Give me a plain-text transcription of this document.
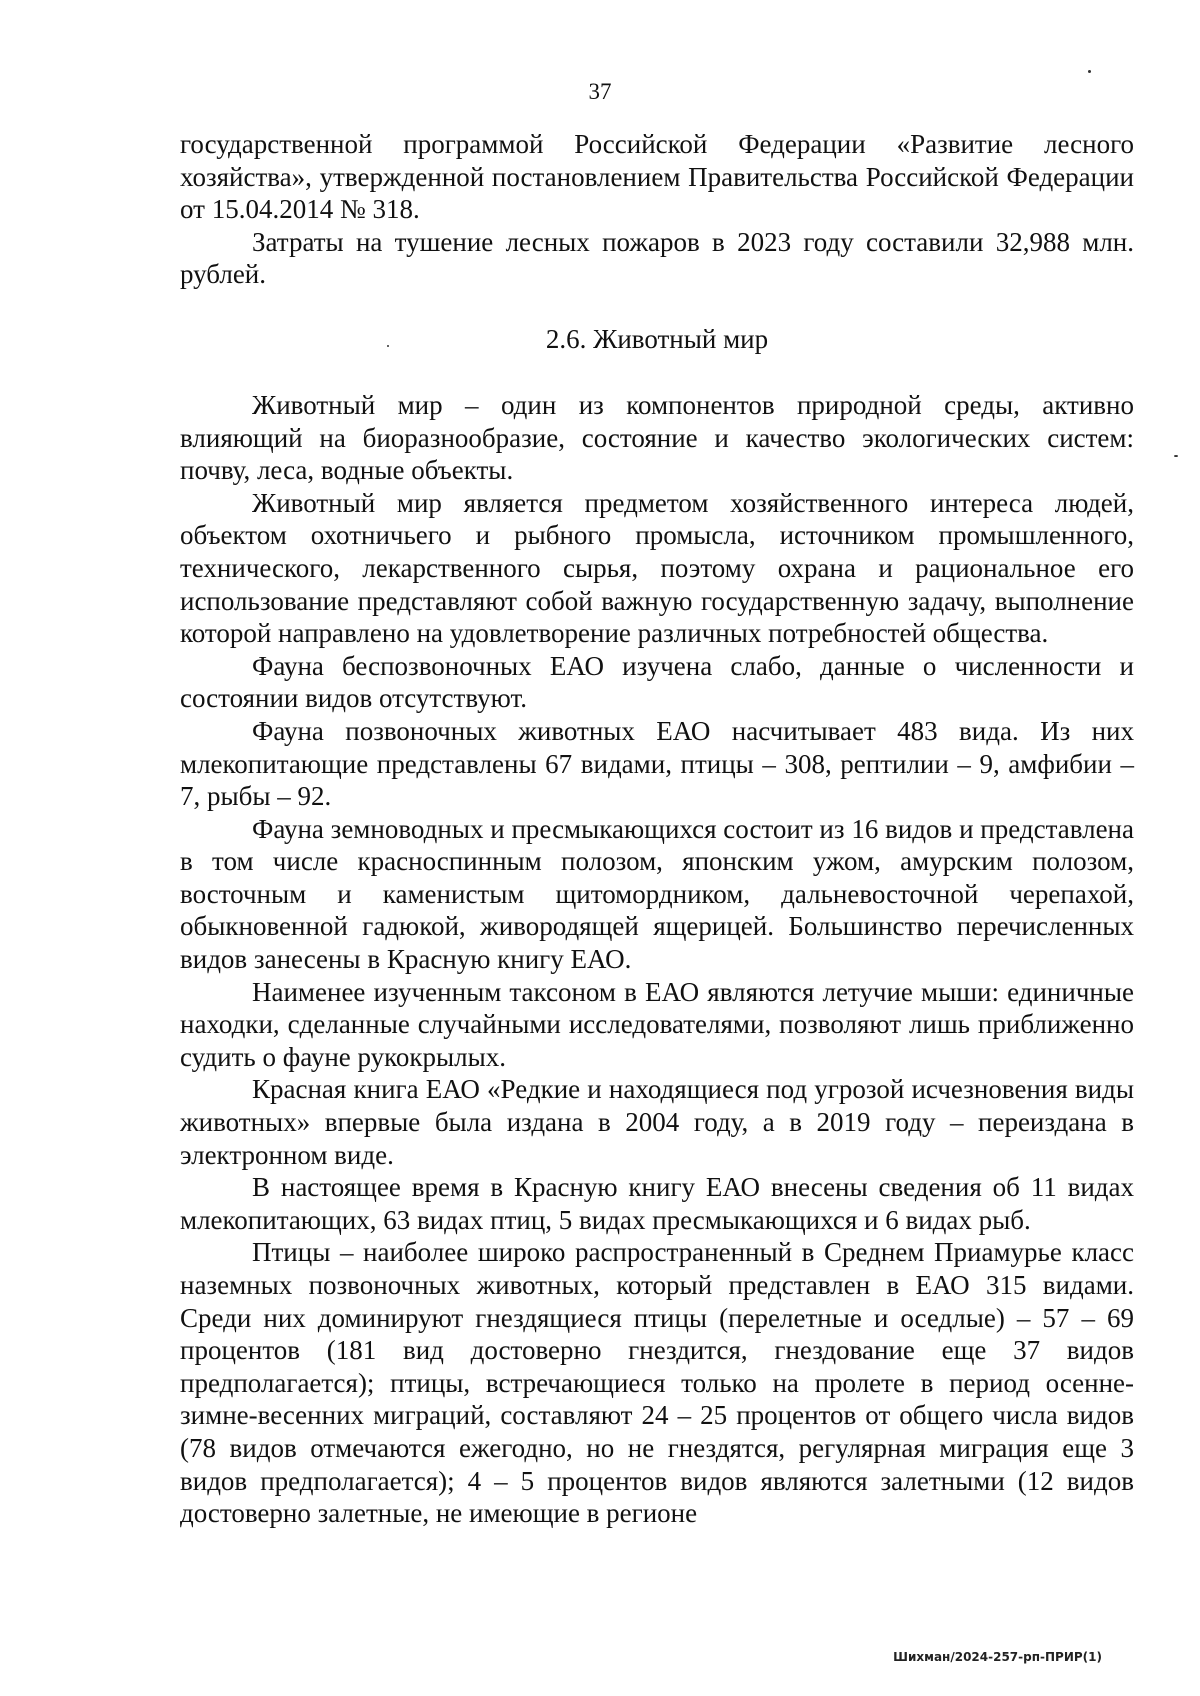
37

государственной программой Российской Федерации «Развитие лесного хозяйства», утвержденной постановлением Правительства Российской Федерации от 15.04.2014 № 318.

Затраты на тушение лесных пожаров в 2023 году составили 32,988 млн. рублей.

2.6. Животный мир

Животный мир – один из компонентов природной среды, активно влияющий на биоразнообразие, состояние и качество экологических систем: почву, леса, водные объекты.

Животный мир является предметом хозяйственного интереса людей, объектом охотничьего и рыбного промысла, источником промышленного, технического, лекарственного сырья, поэтому охрана и рациональное его использование представляют собой важную государственную задачу, выполнение которой направлено на удовлетворение различных потребностей общества.

Фауна беспозвоночных ЕАО изучена слабо, данные о численности и состоянии видов отсутствуют.

Фауна позвоночных животных ЕАО насчитывает 483 вида. Из них млекопитающие представлены 67 видами, птицы – 308, рептилии – 9, амфибии – 7, рыбы – 92.

Фауна земноводных и пресмыкающихся состоит из 16 видов и представлена в том числе красноспинным полозом, японским ужом, амурским полозом, восточным и каменистым щитомордником, дальневосточной черепахой, обыкновенной гадюкой, живородящей ящерицей. Большинство перечисленных видов занесены в Красную книгу ЕАО.

Наименее изученным таксоном в ЕАО являются летучие мыши: единичные находки, сделанные случайными исследователями, позволяют лишь приближенно судить о фауне рукокрылых.

Красная книга ЕАО «Редкие и находящиеся под угрозой исчезновения виды животных» впервые была издана в 2004 году, а в 2019 году – переиздана в электронном виде.

В настоящее время в Красную книгу ЕАО внесены сведения об 11 видах млекопитающих, 63 видах птиц, 5 видах пресмыкающихся и 6 видах рыб.

Птицы – наиболее широко распространенный в Среднем Приамурье класс наземных позвоночных животных, который представлен в ЕАО 315 видами. Среди них доминируют гнездящиеся птицы (перелетные и оседлые) – 57 – 69 процентов (181 вид достоверно гнездится, гнездование еще 37 видов предполагается); птицы, встречающиеся только на пролете в период осенне-зимне-весенних миграций, составляют 24 – 25 процентов от общего числа видов (78 видов отмечаются ежегодно, но не гнездятся, регулярная миграция еще 3 видов предполагается); 4 – 5 процентов видов являются залетными (12 видов достоверно залетные, не имеющие в регионе

Шихман/2024-257-рп-ПРИР(1)
